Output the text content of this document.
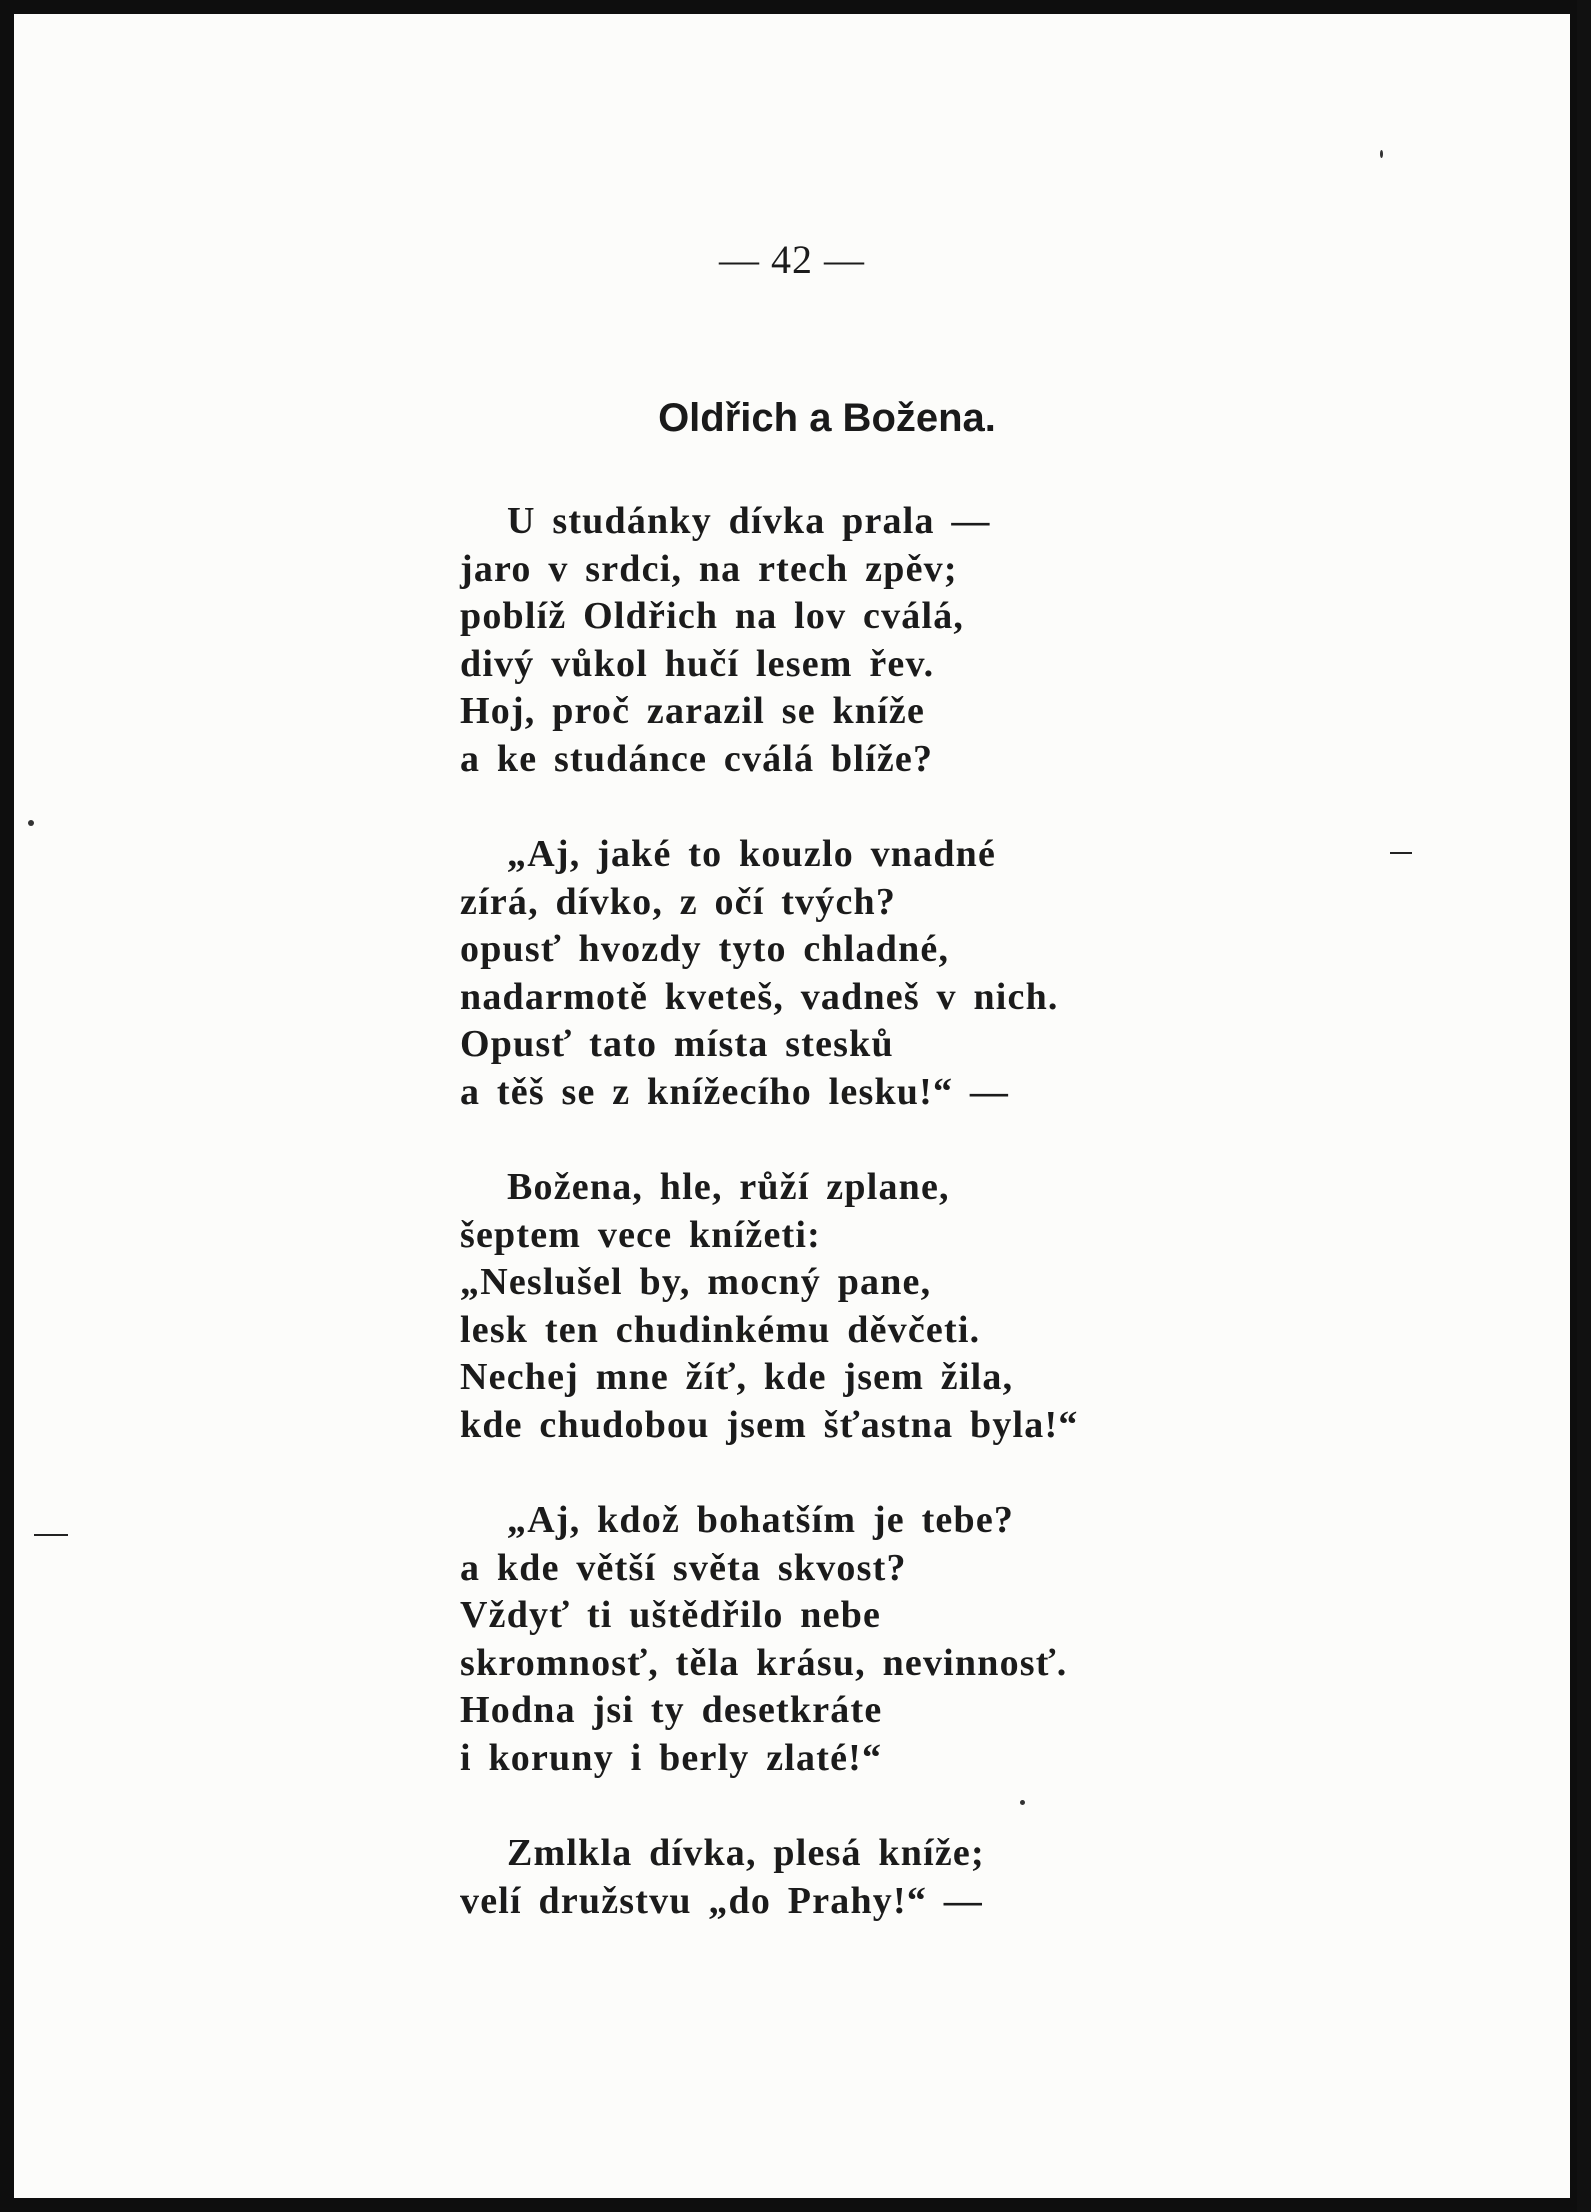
— 42 —

Oldřich a Božena.
U studánky dívka prala —
jaro v srdci, na rtech zpěv;
poblíž Oldřich na lov cválá,
divý vůkol hučí lesem řev.
Hoj, proč zarazil se kníže
a ke studánce cválá blíže?
„Aj, jaké to kouzlo vnadné
zírá, dívko, z očí tvých?
opusť hvozdy tyto chladné,
nadarmotě kveteš, vadneš v nich.
Opusť tato místa stesků
a těš se z knížecího lesku!“ —
Božena, hle, růží zplane,
šeptem vece knížeti:
„Neslušel by, mocný pane,
lesk ten chudinkému děvčeti.
Nechej mne žíť, kde jsem žila,
kde chudobou jsem šťastna byla!“
„Aj, kdož bohatším je tebe?
a kde větší světa skvost?
Vždyť ti uštědřilo nebe
skromnosť, těla krásu, nevinnosť.
Hodna jsi ty desetkráte
i koruny i berly zlaté!“
Zmlkla dívka, plesá kníže;
velí družstvu „do Prahy!“ —
